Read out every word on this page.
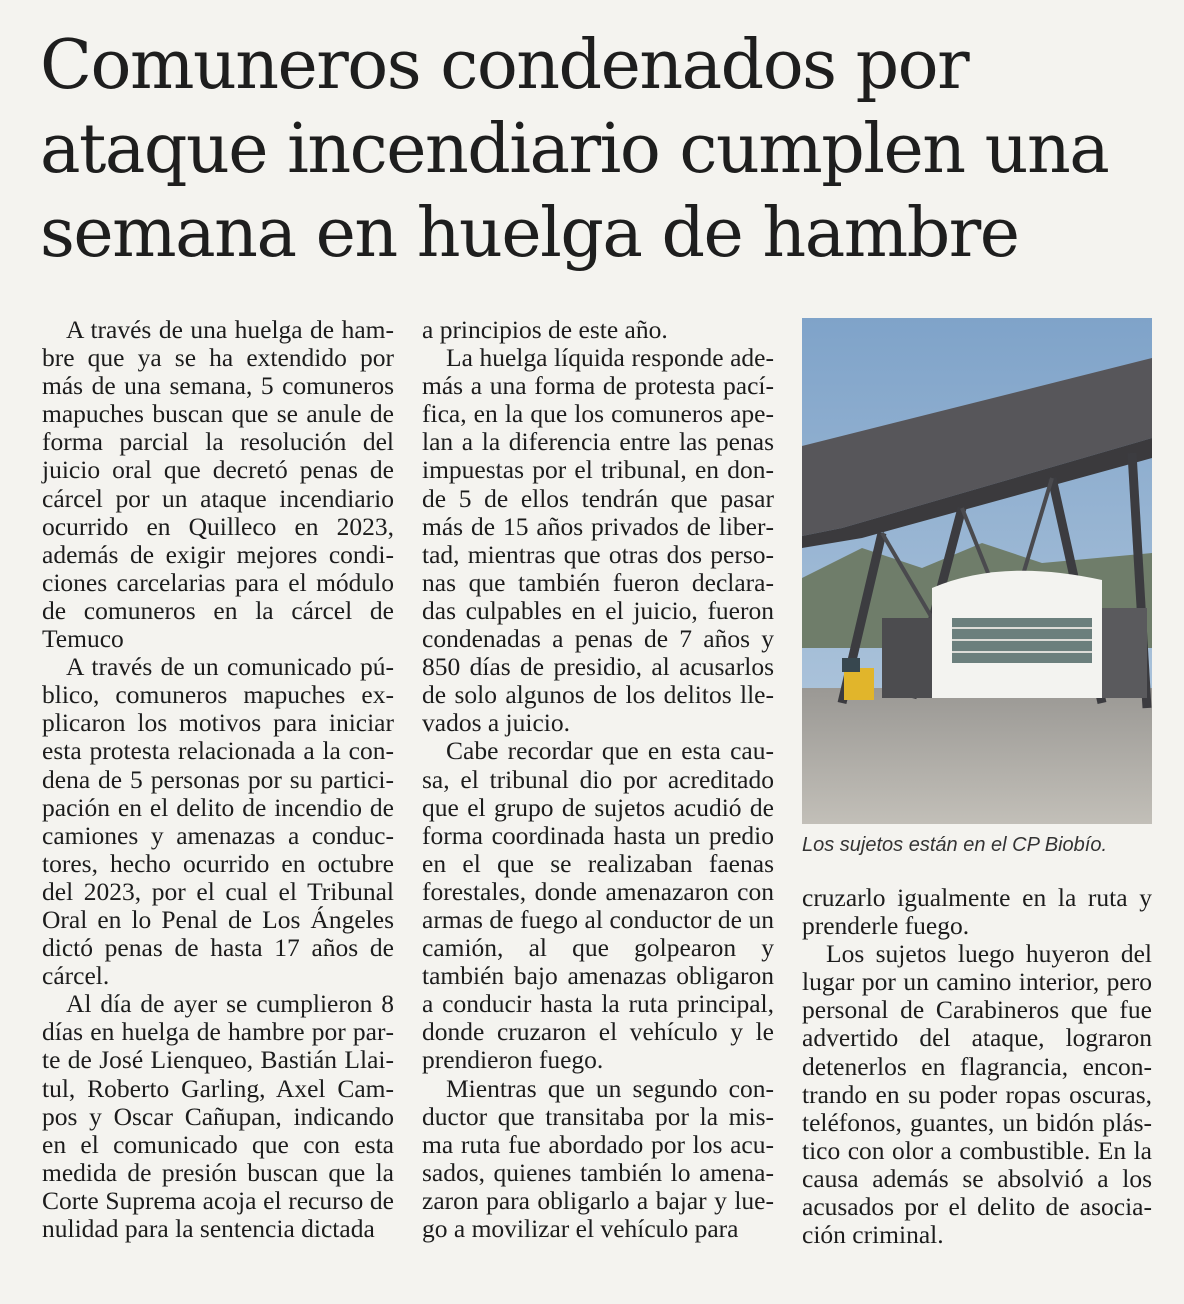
Comuneros condenados por ataque incendiario cumplen una semana en huelga de hambre

A través de una huelga de hambre que ya se ha extendido por más de una semana, 5 comuneros mapuches buscan que se anule de forma parcial la resolución del juicio oral que decretó penas de cárcel por un ataque incendiario ocurrido en Quilleco en 2023, además de exigir mejores condiciones carcelarias para el módulo de comuneros en la cárcel de Temuco

A través de un comunicado público, comuneros mapuches explicaron los motivos para iniciar esta protesta relacionada a la condena de 5 personas por su participación en el delito de incendio de camiones y amenazas a conductores, hecho ocurrido en octubre del 2023, por el cual el Tribunal Oral en lo Penal de Los Ángeles dictó penas de hasta 17 años de cárcel.

Al día de ayer se cumplieron 8 días en huelga de hambre por parte de José Lienqueo, Bastián Llaitul, Roberto Garling, Axel Campos y Oscar Cañupan, indicando en el comunicado que con esta medida de presión buscan que la Corte Suprema acoja el recurso de nulidad para la sentencia dictada

a principios de este año.

La huelga líquida responde además a una forma de protesta pacífica, en la que los comuneros apelan a la diferencia entre las penas impuestas por el tribunal, en donde 5 de ellos tendrán que pasar más de 15 años privados de libertad, mientras que otras dos personas que también fueron declaradas culpables en el juicio, fueron condenadas a penas de 7 años y 850 días de presidio, al acusarlos de solo algunos de los delitos llevados a juicio.

Cabe recordar que en esta causa, el tribunal dio por acreditado que el grupo de sujetos acudió de forma coordinada hasta un predio en el que se realizaban faenas forestales, donde amenazaron con armas de fuego al conductor de un camión, al que golpearon y también bajo amenazas obligaron a conducir hasta la ruta principal, donde cruzaron el vehículo y le prendieron fuego.

Mientras que un segundo conductor que transitaba por la misma ruta fue abordado por los acusados, quienes también lo amenazaron para obligarlo a bajar y luego a movilizar el vehículo para

Los sujetos están en el CP Biobío.

cruzarlo igualmente en la ruta y prenderle fuego.

Los sujetos luego huyeron del lugar por un camino interior, pero personal de Carabineros que fue advertido del ataque, lograron detenerlos en flagrancia, encontrando en su poder ropas oscuras, teléfonos, guantes, un bidón plástico con olor a combustible. En la causa además se absolvió a los acusados por el delito de asociación criminal.
